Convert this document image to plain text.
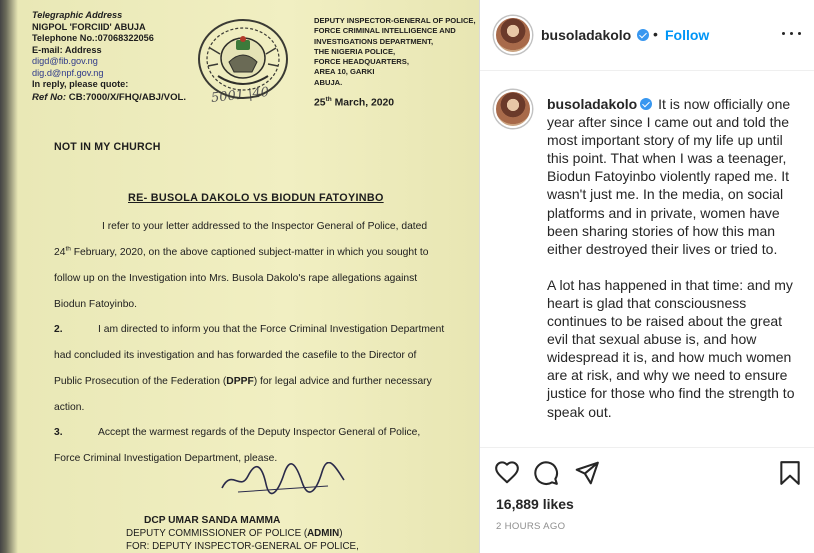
Telegraphic Address
NIGPOL 'FORCIID' ABUJA
Telephone No.:07068322056
E-mail: Address
digd@fib.gov.ng
dig.d@npf.gov.ng
In reply, please quote:
Ref No: CB:7000/X/FHQ/ABJ/VOL. 5001 |40
DEPUTY INSPECTOR-GENERAL OF POLICE,
FORCE CRIMINAL INTELLIGENCE AND
INVESTIGATIONS DEPARTMENT,
THE NIGERIA POLICE,
FORCE HEADQUARTERS,
AREA 10, GARKI
ABUJA.
25th March, 2020
NOT IN MY CHURCH
RE- BUSOLA DAKOLO VS BIODUN FATOYINBO
I refer to your letter addressed to the Inspector General of Police, dated 24th February, 2020, on the above captioned subject-matter in which you sought to follow up on the Investigation into Mrs. Busola Dakolo's rape allegations against Biodun Fatoyinbo.
2.	I am directed to inform you that the Force Criminal Investigation Department had concluded its investigation and has forwarded the casefile to the Director of Public Prosecution of the Federation (DPPF) for legal advice and further necessary action.
3.	Accept the warmest regards of the Deputy Inspector General of Police, Force Criminal Investigation Department, please.
DCP UMAR SANDA MAMMA
DEPUTY COMMISSIONER OF POLICE (ADMIN)
FOR: DEPUTY INSPECTOR-GENERAL OF POLICE,
busoladakolo • Follow

busoladakolo It is now officially one year after since I came out and told the most important story of my life up until this point. That when I was a teenager, Biodun Fatoyinbo violently raped me. It wasn't just me. In the media, on social platforms and in private, women have been sharing stories of how this man either destroyed their lives or tried to.

A lot has happened in that time: and my heart is glad that consciousness continues to be raised about the great evil that sexual abuse is, and how widespread it is, and how much women are at risk, and why we need to ensure justice for those who find the strength to speak out.

16,889 likes
2 HOURS AGO
